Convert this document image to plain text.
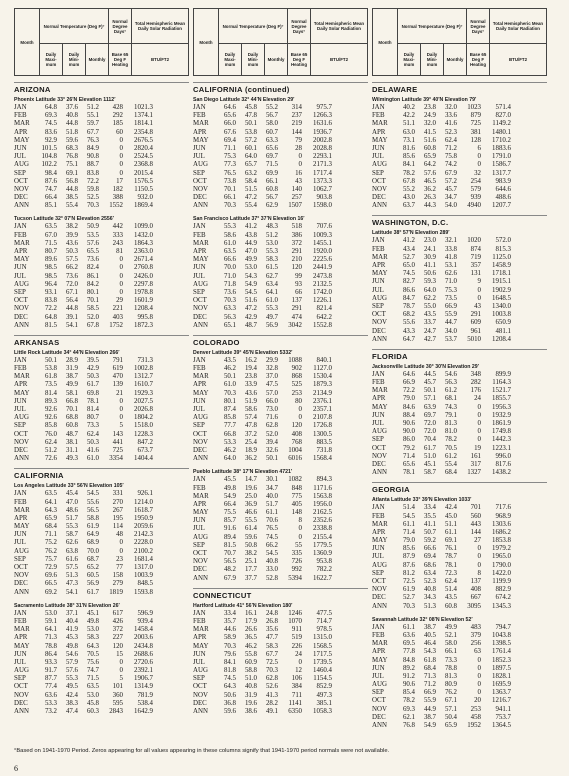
Month
Normal Temperature (Deg F)°
Normal Degree Days°
Total Hemispheric Mean Daily Solar Radiation
Daily Maxi- mum
Daily Mini- mum
Monthly
Base 65 Deg F Heating
BTU/FT2
ARIZONA
Phoenix Latitude 33° 26′N Elevation 1112′
JAN	64.8	37.6	51.2	428	1021.3
FEB	69.3	40.8	55.1	292	1374.1
MAR	74.5	44.8	59.7	185	1814.1
APR	83.6	51.8	67.7	60	2354.8
MAY	92.9	59.6	76.3	0	2676.5
JUN	101.5	68.3	84.9	0	2820.4
JUL	104.8	76.8	90.8	0	2524.5
AUG	102.2	75.1	88.7	0	2368.8
SEP	98.4	69.1	83.8	0	2015.4
OCT	87.6	56.8	72.2	17	1576.5
NOV	74.7	44.8	59.8	182	1150.5
DEC	66.4	38.5	52.5	388	932.0
ANN	85.1	55.4	70.3	1552	1869.4
Tucson Latitude 32° 07′N Elevation 2556′
JAN	63.5	38.2	50.9	442	1099.0
FEB	67.0	39.9	53.5	333	1432.0
MAR	71.5	43.6	57.6	243	1864.3
APR	80.7	50.3	65.5	81	2363.0
MAY	89.6	57.5	73.6	0	2671.4
JUN	98.5	66.2	82.4	0	2760.8
JUL	98.5	73.6	86.1	0	2426.0
AUG	96.4	72.0	84.2	0	2297.8
SEP	93.1	67.1	80.1	0	1978.8
OCT	83.8	56.4	70.1	29	1601.9
NOV	72.2	44.8	58.5	221	1208.4
DEC	64.8	39.1	52.0	403	995.8
ANN	81.5	54.1	67.8	1752	1872.3
ARKANSAS
Little Rock Latitude 34° 44′N Elevation 266′
JAN	50.1	28.9	39.5	791	731.3
FEB	53.8	31.9	42.9	619	1002.8
MAR	61.8	38.7	50.3	470	1312.7
APR	73.5	49.9	61.7	139	1610.7
MAY	81.4	58.1	69.8	21	1929.3
JUN	89.3	66.8	78.1	0	2027.5
JUL	92.6	70.1	81.4	0	2026.8
AUG	92.6	68.8	80.7	0	1804.2
SEP	85.8	60.8	73.3	5	1518.0
OCT	76.0	48.7	62.4	143	1228.3
NOV	62.4	38.1	50.3	441	847.2
DEC	51.2	31.1	41.6	725	673.7
ANN	72.6	49.3	61.0	3354	1404.4
CALIFORNIA
Los Angeles Latitude 33° 56′N Elevation 105′
JAN	63.5	45.4	54.5	331	926.1
FEB	64.1	47.0	55.6	270	1214.0
MAR	64.3	48.6	56.5	267	1618.7
APR	65.9	51.7	58.8	195	1950.9
MAY	68.4	55.3	61.9	114	2059.6
JUN	71.1	58.7	64.9	48	2142.3
JUL	75.2	62.6	68.9	0	2228.0
AUG	76.2	63.8	70.0	0	2100.2
SEP	75.7	61.6	68.7	23	1681.4
OCT	72.9	57.5	65.2	77	1317.0
NOV	69.6	51.3	60.5	158	1003.9
DEC	66.5	47.3	56.9	279	848.5
ANN	69.2	54.1	61.7	1819	1593.8
Sacramento Latitude 38° 31′N Elevation 26′
JAN	53.0	37.1	45.1	617	596.9
FEB	59.1	40.4	49.8	426	939.4
MAR	64.1	41.9	53.0	372	1458.4
APR	71.3	45.3	58.3	227	2003.6
MAY	78.8	49.8	64.3	120	2434.8
JUN	86.4	54.6	70.5	15	2688.6
JUL	93.3	57.9	75.6	0	2720.6
AUG	91.7	57.6	74.7	0	2392.1
SEP	87.7	55.3	71.5	5	1906.7
OCT	77.4	49.5	63.5	101	1314.9
NOV	63.6	42.4	53.0	360	781.9
DEC	53.3	38.3	45.8	595	538.4
ANN	73.2	47.4	60.3	2843	1642.9
Month
Normal Temperature (Deg F)°
Normal Degree Days°
Total Hemispheric Mean Daily Solar Radiation
Daily Maxi- mum
Daily Mini- mum
Monthly
Base 65 Deg F Heating
BTU/FT2
CALIFORNIA (continued)
San Diego Latitude 32° 44′N Elevation 29′
JAN	64.6	45.8	55.2	314	975.7
FEB	65.6	47.8	56.7	237	1266.3
MAR	66.0	50.1	58.0	219	1631.6
APR	67.6	53.8	60.7	144	1936.7
MAY	69.4	57.2	63.3	79	2002.8
JUN	71.1	60.1	65.6	28	2028.8
JUL	75.3	64.0	69.7	0	2293.1
AUG	77.3	65.7	71.5	0	2171.3
SEP	76.5	63.2	69.9	16	1717.4
OCT	73.8	58.4	66.1	43	1373.3
NOV	70.1	51.5	60.8	140	1062.7
DEC	66.1	47.2	56.7	257	903.8
ANN	70.3	55.4	62.9	1507	1598.0
San Francisco Latitude 37° 37′N Elevation 16′
JAN	55.3	41.2	48.3	518	707.6
FEB	58.6	43.8	51.2	386	1009.3
MAR	61.0	44.9	53.0	372	1455.1
APR	63.5	47.0	55.3	291	1920.0
MAY	66.6	49.9	58.3	210	2225.6
JUN	70.0	53.0	61.5	120	2441.9
JUL	71.0	54.3	62.7	99	2473.8
AUG	71.8	54.9	63.4	93	2132.5
SEP	73.6	54.5	64.1	66	1742.0
OCT	70.3	51.6	61.0	137	1226.1
NOV	63.3	47.2	55.3	291	821.4
DEC	56.3	42.9	49.7	474	642.2
ANN	65.1	48.7	56.9	3042	1552.8
COLORADO
Denver Latitude 39° 45′N Elevation 5332′
JAN	43.5	16.2	29.9	1088	840.1
FEB	46.2	19.4	32.8	902	1127.0
MAR	50.1	23.8	37.0	868	1530.4
APR	61.0	33.9	47.5	525	1879.3
MAY	70.3	43.6	57.0	253	2134.9
JUN	80.1	51.9	66.0	80	2376.1
JUL	87.4	58.6	73.0	0	2357.1
AUG	85.8	57.4	71.6	0	2107.8
SEP	77.7	47.8	62.8	120	1726.8
OCT	66.8	37.2	52.0	408	1300.5
NOV	53.3	25.4	39.4	768	883.5
DEC	46.2	18.9	32.6	1004	731.8
ANN	64.0	36.2	50.1	6016	1568.4
Pueblo Latitude 38° 17′N Elevation 4721′
JAN	45.5	14.7	30.1	1082	894.3
FEB	49.8	19.6	34.7	848	1171.6
MAR	54.9	25.0	40.0	775	1563.8
APR	66.4	36.9	51.7	405	1956.0
MAY	75.5	46.6	61.1	148	2162.5
JUN	85.7	55.5	70.6	8	2352.6
JUL	91.6	61.4	76.5	0	2338.8
AUG	89.4	59.6	74.5	0	2155.4
SEP	81.5	50.8	66.2	55	1779.5
OCT	70.7	38.2	54.5	335	1360.9
NOV	56.5	25.1	40.8	726	953.8
DEC	48.2	17.7	33.0	992	782.2
ANN	67.9	37.7	52.8	5394	1622.7
CONNECTICUT
Hartford Latitude 41° 56′N Elevation 180′
JAN	33.4	16.1	24.8	1246	477.5
FEB	35.7	17.9	26.8	1070	714.7
MAR	44.6	26.6	35.6	911	978.5
APR	58.9	36.5	47.7	519	1315.0
MAY	70.3	46.2	58.3	226	1568.5
JUN	79.6	55.8	67.7	24	1717.5
JUL	84.1	60.9	72.5	0	1739.5
AUG	81.8	58.8	70.3	12	1460.4
SEP	74.5	51.0	62.8	106	1154.5
OCT	64.3	40.8	52.6	384	852.9
NOV	50.6	31.9	41.3	711	497.3
DEC	36.8	19.6	28.2	1141	385.1
ANN	59.6	38.6	49.1	6350	1058.3
Month
Normal Temperature (Deg F)°
Normal Degree Days°
Total Hemispheric Mean Daily Solar Radiation
Daily Maxi- mum
Daily Mini- mum
Monthly
Base 65 Deg F Heating
BTU/FT2
DELAWARE
Wilmington Latitude 39° 40′N Elevation 79′
JAN	40.2	23.8	32.0	1023	571.4
FEB	42.2	24.9	33.6	879	827.0
MAR	51.1	32.0	41.6	725	1149.2
APR	63.0	41.5	52.3	381	1480.1
MAY	73.1	51.6	62.4	128	1710.2
JUN	81.6	60.8	71.2	6	1883.6
JUL	85.6	65.9	75.8	0	1791.0
AUG	84.1	64.2	74.2	0	1586.7
SEP	78.2	57.6	67.9	32	1317.7
OCT	67.8	46.5	57.2	254	983.9
NOV	55.2	36.2	45.7	579	644.6
DEC	43.0	26.3	34.7	939	488.6
ANN	63.7	44.3	54.0	4940	1207.7
WASHINGTON, D.C.
Latitude 38° 57′N Elevation 289′
JAN	41.2	23.0	32.1	1020	572.0
FEB	43.4	24.1	33.8	874	815.3
MAR	52.7	30.9	41.8	719	1125.0
APR	65.0	41.1	53.1	357	1458.9
MAY	74.5	50.6	62.6	131	1718.1
JUN	82.7	59.3	71.0	9	1915.1
JUL	86.6	64.0	75.3	0	1902.9
AUG	84.7	62.2	73.5	0	1648.5
SEP	78.7	55.0	66.9	43	1340.0
OCT	68.2	43.5	55.9	291	1003.8
NOV	55.6	33.7	44.7	609	650.9
DEC	43.3	24.7	34.0	961	481.1
ANN	64.7	42.7	53.7	5010	1208.4
FLORIDA
Jacksonville Latitude 30° 30′N Elevation 29′
JAN	64.6	44.5	54.6	348	899.9
FEB	66.9	45.7	56.3	282	1164.3
MAR	72.2	50.1	61.2	176	1521.7
APR	79.0	57.1	68.1	24	1855.7
MAY	84.6	63.9	74.3	0	1956.3
JUN	88.4	69.7	79.1	0	1932.9
JUL	90.6	72.0	81.3	0	1861.9
AUG	90.0	72.0	81.0	0	1749.8
SEP	86.0	70.4	78.2	0	1442.3
OCT	79.2	61.7	70.5	19	1223.1
NOV	71.4	51.0	61.2	161	996.0
DEC	65.6	45.1	55.4	317	817.6
ANN	78.1	58.7	68.4	1327	1438.2
GEORGIA
Atlanta Latitude 33° 39′N Elevation 1033′
JAN	51.4	33.4	42.4	701	717.6
FEB	54.5	35.5	45.0	560	968.9
MAR	61.1	41.1	51.1	443	1303.6
APR	71.4	50.7	61.1	144	1686.2
MAY	79.0	59.2	69.1	27	1853.8
JUN	85.6	66.6	76.1	0	1979.2
JUL	87.9	69.4	78.7	0	1965.0
AUG	87.6	68.6	78.1	0	1790.0
SEP	81.2	63.4	72.3	8	1422.0
OCT	72.5	52.3	62.4	137	1199.9
NOV	61.9	40.8	51.4	408	882.9
DEC	52.7	34.3	43.5	667	674.2
ANN	70.3	51.3	60.8	3095	1345.3
Savannah Latitude 32° 08′N Elevation 52′
JAN	61.1	38.7	49.9	483	794.7
FEB	63.6	40.5	52.1	379	1043.8
MAR	69.5	46.4	58.0	256	1398.5
APR	77.8	54.3	66.1	63	1761.4
MAY	84.8	61.8	73.3	0	1852.3
JUN	89.2	68.4	78.8	0	1897.5
JUL	91.2	71.3	81.3	0	1828.1
AUG	90.6	71.2	80.9	0	1695.9
SEP	85.4	66.9	76.2	0	1363.7
OCT	78.2	55.9	67.1	20	1216.7
NOV	69.3	44.9	57.1	253	941.1
DEC	62.1	38.7	50.4	458	753.7
ANN	76.8	54.9	65.9	1952	1364.5
°Based on 1941-1970 Period. Zeros appearing for all values appearing in these columns signify that 1941-1970 period normals were not available.
6
